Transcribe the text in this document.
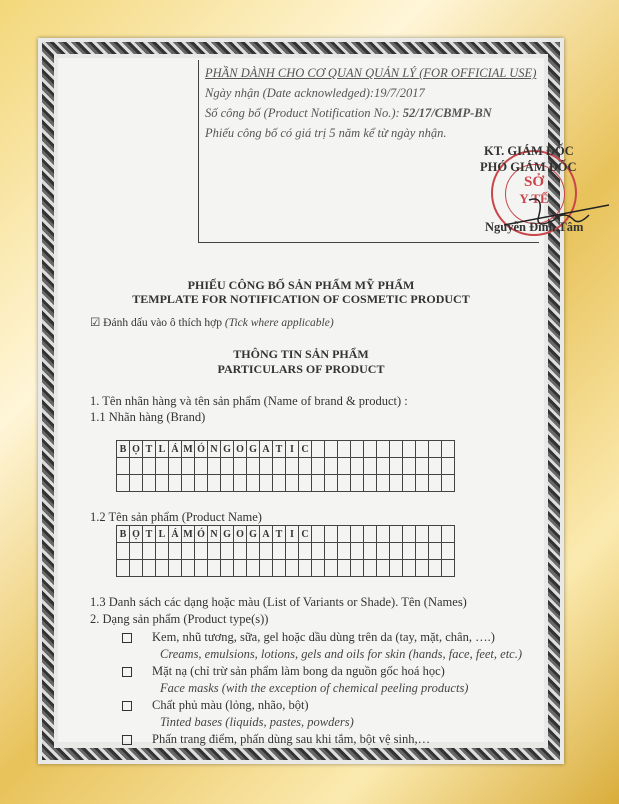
PHẦN DÀNH CHO CƠ QUAN QUẢN LÝ (FOR OFFICIAL USE)
Ngày nhận (Date acknowledged):19/7/2017
Số công bố (Product Notification No.): 52/17/CBMP-BN
Phiếu công bố có giá trị 5 năm kể từ ngày nhận.
SỞ
Y TẾ
KT. GIÁM ĐỐC
PHÓ GIÁM ĐỐC
Nguyễn Đình Tâm
PHIẾU CÔNG BỐ SẢN PHẨM MỸ PHẨM
TEMPLATE FOR NOTIFICATION OF COSMETIC PRODUCT
☑ Đánh dấu vào ô thích hợp (Tick where applicable)
THÔNG TIN SẢN PHẨM
PARTICULARS OF PRODUCT
1. Tên nhãn hàng và tên sản phẩm (Name of brand & product) :
1.1 Nhãn hàng (Brand)
B	Ọ	T	L	Á	M	Ó	N	G	O	G	A	T	I	C											

1.2 Tên sản phẩm (Product Name)
B	Ọ	T	L	Á	M	Ó	N	G	O	G	A	T	I	C											

1.3 Danh sách các dạng hoặc màu (List of Variants or Shade). Tên (Names)
2. Dạng sản phẩm (Product type(s))
Kem, nhũ tương, sữa, gel hoặc dầu dùng trên da (tay, mặt, chân, ….)
Creams, emulsions, lotions, gels and oils for skin (hands, face, feet, etc.)
Mặt nạ (chỉ trừ sản phẩm làm bong da nguồn gốc hoá học)
Face masks (with the exception of chemical peeling products)
Chất phủ màu (lỏng, nhão, bột)
Tinted bases (liquids, pastes, powders)
Phấn trang điểm, phấn dùng sau khi tắm, bột vệ sinh,…
